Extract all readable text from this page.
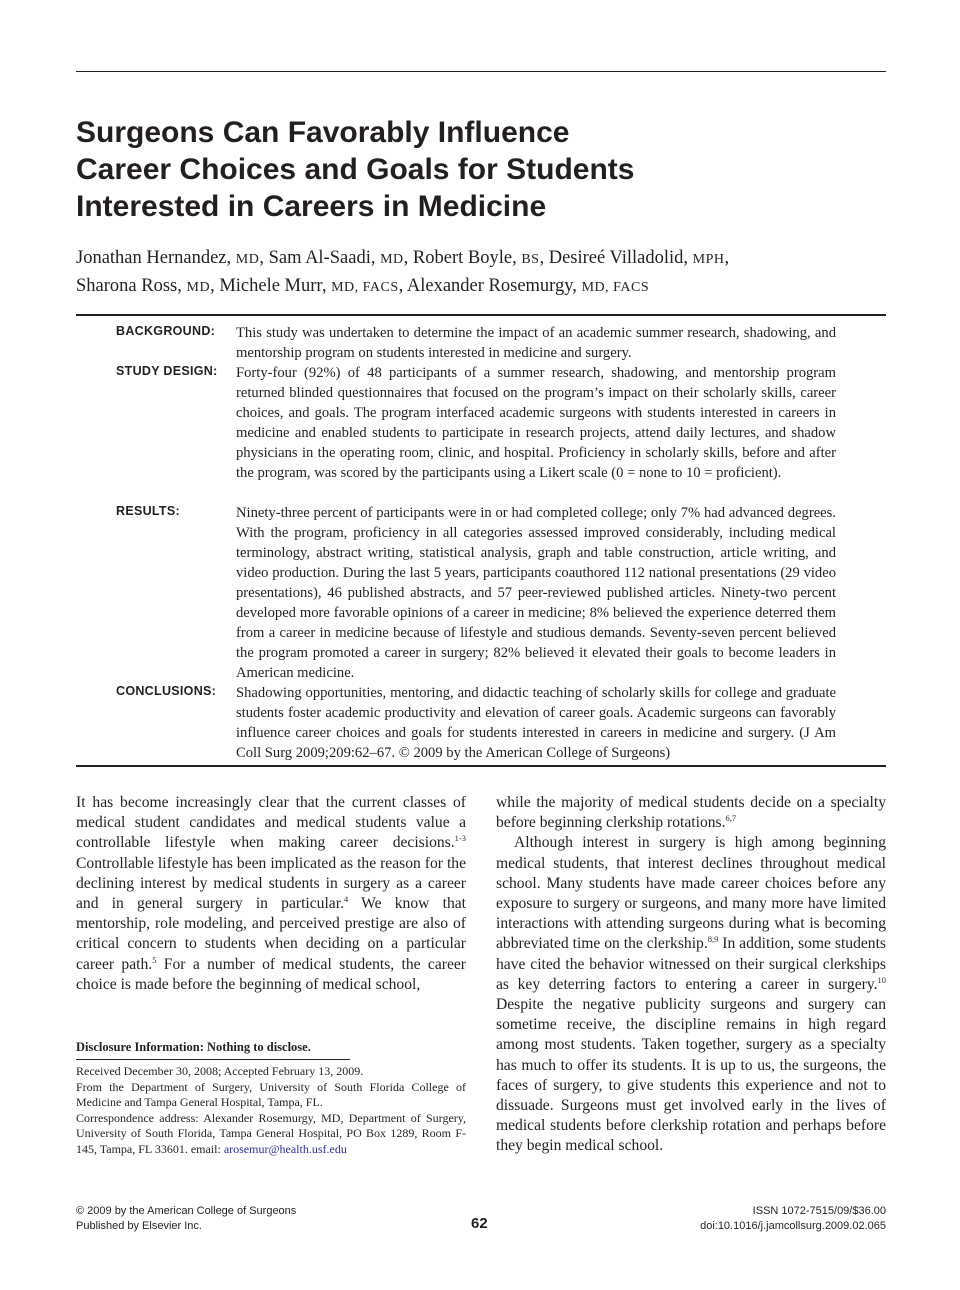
Surgeons Can Favorably Influence
Career Choices and Goals for Students
Interested in Careers in Medicine
Jonathan Hernandez, MD, Sam Al-Saadi, MD, Robert Boyle, BS, Desireé Villadolid, MPH,
Sharona Ross, MD, Michele Murr, MD, FACS, Alexander Rosemurgy, MD, FACS
BACKGROUND: This study was undertaken to determine the impact of an academic summer research, shadowing, and mentorship program on students interested in medicine and surgery.

STUDY DESIGN: Forty-four (92%) of 48 participants of a summer research, shadowing, and mentorship program returned blinded questionnaires that focused on the program’s impact on their scholarly skills, career choices, and goals. The program interfaced academic surgeons with students interested in careers in medicine and enabled students to participate in research projects, attend daily lectures, and shadow physicians in the operating room, clinic, and hospital. Proficiency in scholarly skills, before and after the program, was scored by the participants using a Likert scale (0 = none to 10 = proficient).

RESULTS:	Ninety-three percent of participants were in or had completed college; only 7% had advanced degrees. With the program, proficiency in all categories assessed improved considerably, including medical terminology, abstract writing, statistical analysis, graph and table construction, article writing, and video production. During the last 5 years, participants coauthored 112 national presentations (29 video presentations), 46 published abstracts, and 57 peer-reviewed published articles. Ninety-two percent developed more favorable opinions of a career in medicine; 8% believed the experience deterred them from a career in medicine because of lifestyle and studious demands. Seventy-seven percent believed the program promoted a career in surgery; 82% believed it elevated their goals to become leaders in American medicine.

CONCLUSIONS: Shadowing opportunities, mentoring, and didactic teaching of scholarly skills for college and graduate students foster academic productivity and elevation of career goals. Academic surgeons can favorably influence career choices and goals for students interested in careers in medicine and surgery. (J Am Coll Surg 2009;209:62–67. © 2009 by the American College of Surgeons)

It has become increasingly clear that the current classes of medical student candidates and medical students value a controllable lifestyle when making career decisions.$^{1-3}$ Controllable lifestyle has been implicated as the reason for the declining interest by medical students in surgery as a career and in general surgery in particular.$^4$ We know that mentorship, role modeling, and perceived prestige are also of critical concern to students when deciding on a particular career path.$^5$ For a number of medical students, the career choice is made before the beginning of medical school,

while the majority of medical students decide on a specialty before beginning clerkship rotations.$^{6,7}$

Although interest in surgery is high among beginning medical students, that interest declines throughout medical school. Many students have made career choices before any exposure to surgery or surgeons, and many more have limited interactions with attending surgeons during what is becoming abbreviated time on the clerkship.$^{8,9}$ In addition, some students have cited the behavior witnessed on their surgical clerkships as key deterring factors to entering a career in surgery.$^{10}$ Despite the negative publicity surgeons and surgery can sometime receive, the discipline remains in high regard among most students. Taken together, surgery as a specialty has much to offer its students. It is up to us, the surgeons, the faces of surgery, to give students this experience and not to dissuade. Surgeons must get involved early in the lives of medical students before clerkship rotation and perhaps before they begin medical school.

Disclosure Information: Nothing to disclose.

Received December 30, 2008; Accepted February 13, 2009.

From the Department of Surgery, University of South Florida College of Medicine and Tampa General Hospital, Tampa, FL.

Correspondence address: Alexander Rosemurgy, MD, Department of Surgery, University of South Florida, Tampa General Hospital, PO Box 1289, Room F-145, Tampa, FL 33601. email: arosemur@health.usf.edu

© 2009 by the American College of Surgeons
Published by Elsevier Inc.	62
ISSN 1072-7515/09/$36.00
doi:10.1016/j.jamcollsurg.2009.02.065
